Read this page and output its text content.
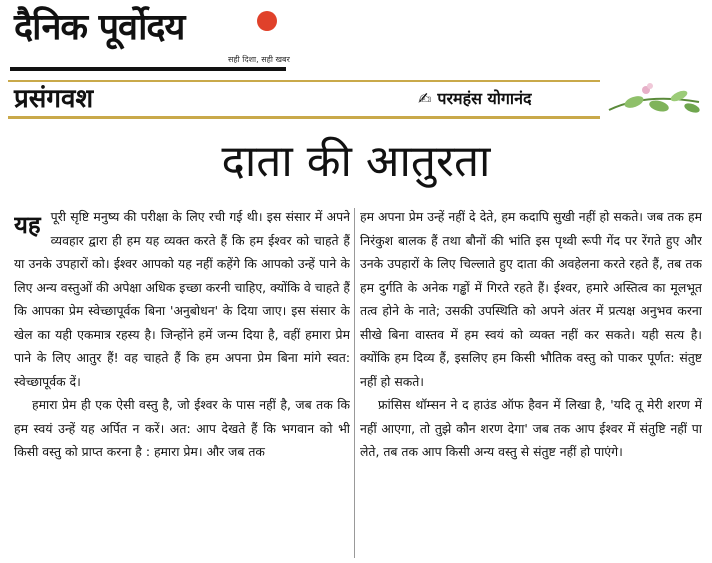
दैनिक पूर्वोदय
सही दिशा, सही खबर
प्रसंगवश	✍ परमहंस योगानंद
दाता की आतुरता
यह पूरी सृष्टि मनुष्य की परीक्षा के लिए रची गई थी। इस संसार में अपने व्यवहार द्वारा ही हम यह व्यक्त करते हैं कि हम ईश्वर को चाहते हैं या उनके उपहारों को। ईश्वर आपको यह नहीं कहेंगे कि आपको उन्हें पाने के लिए अन्य वस्तुओं की अपेक्षा अधिक इच्छा करनी चाहिए, क्योंकि वे चाहते हैं कि आपका प्रेम स्वेच्छापूर्वक बिना 'अनुबोधन' के दिया जाए। इस संसार के खेल का यही एकमात्र रहस्य है। जिन्होंने हमें जन्म दिया है, वहीं हमारा प्रेम पाने के लिए आतुर हैं! वह चाहते हैं कि हम अपना प्रेम बिना मांगे स्वत: स्वेच्छापूर्वक दें।

हमारा प्रेम ही एक ऐसी वस्तु है, जो ईश्वर के पास नहीं है, जब तक कि हम स्वयं उन्हें यह अर्पित न करें। अत: आप देखते हैं कि भगवान को भी किसी वस्तु को प्राप्त करना है : हमारा प्रेम। और जब तक

हम अपना प्रेम उन्हें नहीं दे देते, हम कदापि सुखी नहीं हो सकते। जब तक हम निरंकुश बालक हैं तथा बौनों की भांति इस पृथ्वी रूपी गेंद पर रेंगते हुए और उनके उपहारों के लिए चिल्लाते हुए दाता की अवहेलना करते रहते हैं, तब तक हम दुर्गति के अनेक गड्ढों में गिरते रहते हैं। ईश्वर, हमारे अस्तित्व का मूलभूत तत्व होने के नाते; उसकी उपस्थिति को अपने अंतर में प्रत्यक्ष अनुभव करना सीखे बिना वास्तव में हम स्वयं को व्यक्त नहीं कर सकते। यही सत्य है। क्योंकि हम दिव्य हैं, इसलिए हम किसी भौतिक वस्तु को पाकर पूर्णत: संतुष्ट नहीं हो सकते।

फ्रांसिस थॉम्सन ने द हाउंड ऑफ हैवन में लिखा है, 'यदि तू मेरी शरण में नहीं आएगा, तो तुझे कौन शरण देगा' जब तक आप ईश्वर में संतुष्टि नहीं पा लेते, तब तक आप किसी अन्य वस्तु से संतुष्ट नहीं हो पाएंगे।
